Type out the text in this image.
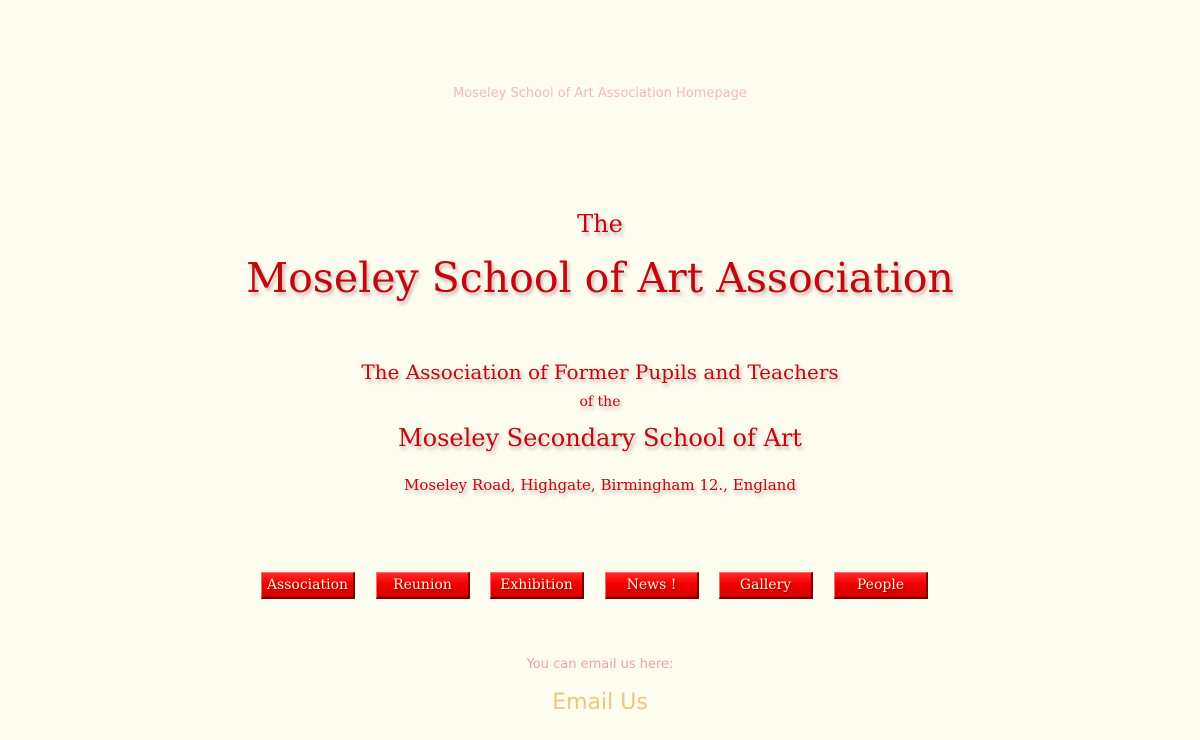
Moseley School of Art Association Homepage
The
Moseley School of Art Association
The Association of Former Pupils and Teachers
of the
Moseley Secondary School of Art
Moseley Road, Highgate, Birmingham 12., England
Association	Reunion	Exhibition	News !	Gallery	People
You can email us here:
Email Us
